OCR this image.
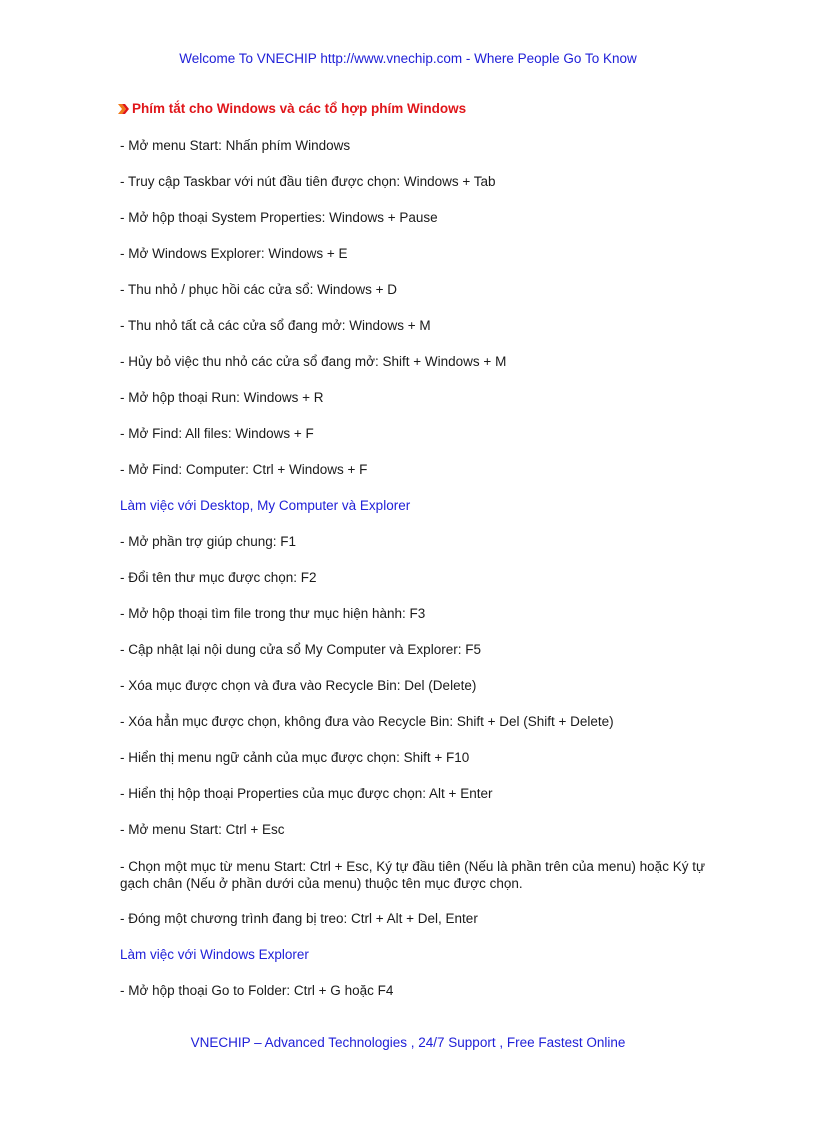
Welcome To VNECHIP http://www.vnechip.com - Where People Go To Know
Phím tắt cho Windows và các tổ hợp phím Windows
- Mở menu Start: Nhấn phím Windows
- Truy cập Taskbar với nút đầu tiên được chọn: Windows + Tab
- Mở hộp thoại System Properties: Windows + Pause
- Mở Windows Explorer: Windows + E
- Thu nhỏ / phục hồi các cửa sổ: Windows + D
- Thu nhỏ tất cả các cửa sổ đang mở: Windows + M
- Hủy bỏ việc thu nhỏ các cửa sổ đang mở: Shift + Windows + M
- Mở hộp thoại Run: Windows + R
- Mở Find: All files: Windows + F
- Mở Find: Computer: Ctrl + Windows + F
Làm việc với Desktop, My Computer và Explorer
- Mở phần trợ giúp chung: F1
- Đổi tên thư mục được chọn: F2
- Mở hộp thoại tìm file trong thư mục hiện hành: F3
- Cập nhật lại nội dung cửa sổ My Computer và Explorer: F5
- Xóa mục được chọn và đưa vào Recycle Bin: Del (Delete)
- Xóa hẳn mục được chọn, không đưa vào Recycle Bin: Shift + Del (Shift + Delete)
- Hiển thị menu ngữ cảnh của mục được chọn: Shift + F10
- Hiển thị hộp thoại Properties của mục được chọn: Alt + Enter
- Mở menu Start: Ctrl + Esc
- Chọn một mục từ menu Start: Ctrl + Esc, Ký tự đầu tiên (Nếu là phần trên của menu) hoặc Ký tự gạch chân (Nếu ở phần dưới của menu) thuộc tên mục được chọn.
- Đóng một chương trình đang bị treo: Ctrl + Alt + Del, Enter
Làm việc với Windows Explorer
- Mở hộp thoại Go to Folder: Ctrl + G hoặc F4
VNECHIP – Advanced Technologies , 24/7 Support , Free Fastest Online
